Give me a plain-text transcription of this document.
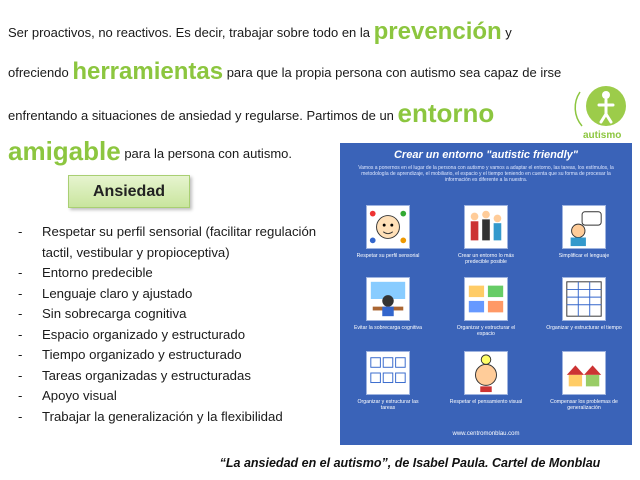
Ser proactivos, no reactivos. Es decir, trabajar sobre todo en la prevención y
ofreciendo herramientas para que la propia persona con autismo sea capaz de irse
enfrentando a situaciones de ansiedad y regularse. Partimos de un entorno
amigable para la persona con autismo.
autismo
Ansiedad
- Respetar su perfil sensorial (facilitar regulación tactil, vestibular y propioceptiva)
- Entorno predecible
- Lenguaje claro y ajustado
- Sin sobrecarga cognitiva
- Espacio organizado y estructurado
- Tiempo organizado y estructurado
- Tareas organizadas y estructuradas
- Apoyo visual
- Trabajar la generalización y la flexibilidad
Crear un entorno "autistic friendly"
Vamos a ponernos en el lugar de la persona con autismo y vamos a adaptar el entorno, las tareas, los estímulos, la metodología de aprendizaje, el mobiliario, el espacio y el tiempo teniendo en cuenta que su forma de procesar la información es diferente a la nuestra.
Respetar su perfil sensorial	Crear un entorno lo más predecible posible
Simplificar el lenguaje
Evitar la sobrecarga cognitiva	Organizar y estructurar el espacio
Organizar y estructurar el tiempo
Organizar y estructurar las tareas
Respetar el pensamiento visual	Compensar los problemas de generalización
www.centromonblau.com
“La ansiedad en el autismo”, de Isabel Paula. Cartel de Monblau
